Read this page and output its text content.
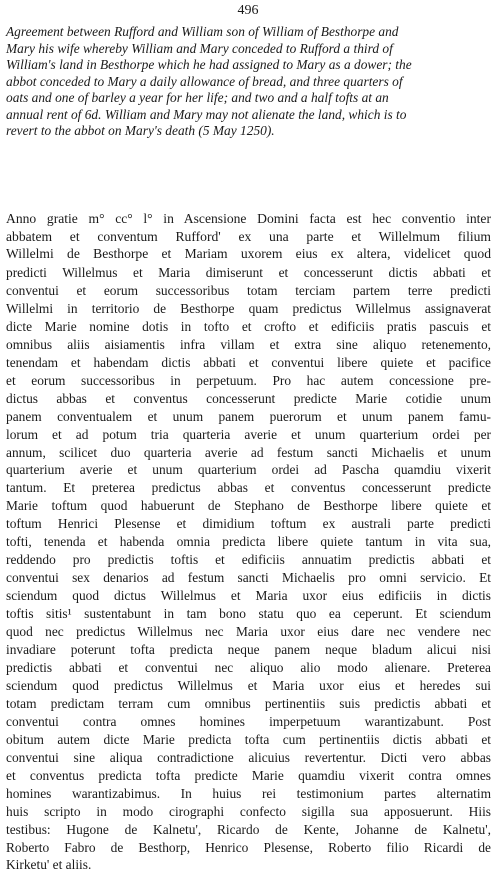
496
Agreement between Rufford and William son of William of Besthorpe and
Mary his wife whereby William and Mary conceded to Rufford a third of
William's land in Besthorpe which he had assigned to Mary as a dower; the
abbot conceded to Mary a daily allowance of bread, and three quarters of
oats and one of barley a year for her life; and two and a half tofts at an
annual rent of 6d. William and Mary may not alienate the land, which is to
revert to the abbot on Mary's death (5 May 1250).
Anno gratie m° cc° l° in Ascensione Domini facta est hec conventio inter
abbatem et conventum Rufford' ex una parte et Willelmum filium
Willelmi de Besthorpe et Mariam uxorem eius ex altera, videlicet quod
predicti Willelmus et Maria dimiserunt et concesserunt dictis abbati et
conventui et eorum successoribus totam terciam partem terre predicti
Willelmi in territorio de Besthorpe quam predictus Willelmus assignaverat
dicte Marie nomine dotis in tofto et crofto et edificiis pratis pascuis et
omnibus aliis aisiamentis infra villam et extra sine aliquo retenemento,
tenendam et habendam dictis abbati et conventui libere quiete et pacifice
et eorum successoribus in perpetuum. Pro hac autem concessione pre-
dictus abbas et conventus concesserunt predicte Marie cotidie unum
panem conventualem et unum panem puerorum et unum panem famu-
lorum et ad potum tria quarteria averie et unum quarterium ordei per
annum, scilicet duo quarteria averie ad festum sancti Michaelis et unum
quarterium averie et unum quarterium ordei ad Pascha quamdiu vixerit
tantum. Et preterea predictus abbas et conventus concesserunt predicte
Marie toftum quod habuerunt de Stephano de Besthorpe libere quiete et
toftum Henrici Plesense et dimidium toftum ex australi parte predicti
tofti, tenenda et habenda omnia predicta libere quiete tantum in vita sua,
reddendo pro predictis toftis et edificiis annuatim predictis abbati et
conventui sex denarios ad festum sancti Michaelis pro omni servicio. Et
sciendum quod dictus Willelmus et Maria uxor eius edificiis in dictis
toftis sitis¹ sustentabunt in tam bono statu quo ea ceperunt. Et sciendum
quod nec predictus Willelmus nec Maria uxor eius dare nec vendere nec
invadiare poterunt tofta predicta neque panem neque bladum alicui nisi
predictis abbati et conventui nec aliquo alio modo alienare. Preterea
sciendum quod predictus Willelmus et Maria uxor eius et heredes sui
totam predictam terram cum omnibus pertinentiis suis predictis abbati et
conventui contra omnes homines imperpetuum warantizabunt. Post
obitum autem dicte Marie predicta tofta cum pertinentiis dictis abbati et
conventui sine aliqua contradictione alicuius revertentur. Dicti vero abbas
et conventus predicta tofta predicte Marie quamdiu vixerit contra omnes
homines warantizabimus. In huius rei testimonium partes alternatim
huis scripto in modo cirographi confecto sigilla sua apposuerunt. Hiis
testibus: Hugone de Kalnetu', Ricardo de Kente, Johanne de Kalnetu',
Roberto Fabro de Besthorp, Henrico Plesense, Roberto filio Ricardi de
Kirketu' et aliis.
